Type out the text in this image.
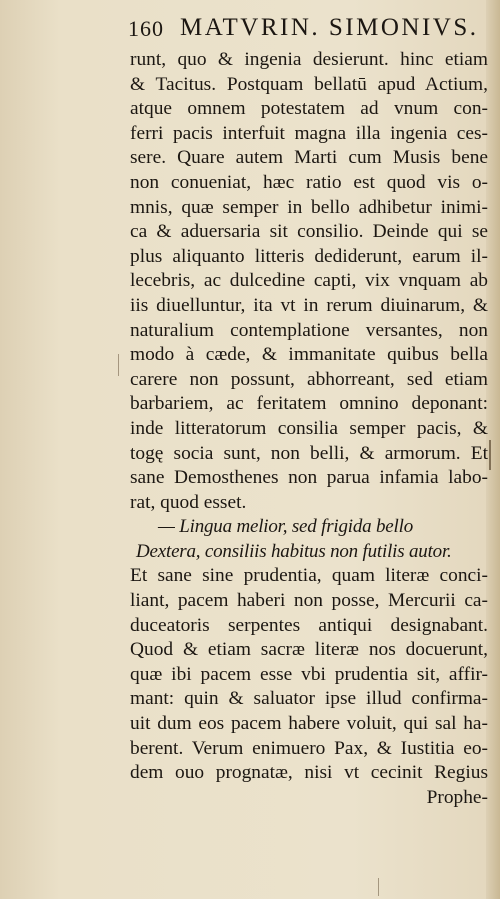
160 MATVRIN. SIMONIVS.
runt, quo & ingenia desierunt. hinc etiam
& Tacitus. Postquam bellatū apud Actium,
atque omnem potestatem ad vnum con-
ferri pacis interfuit magna illa ingenia ces-
sere. Quare autem Marti cum Musis bene
non conueniat, hæc ratio est quod vis o-
mnis, quæ semper in bello adhibetur inimi-
ca & aduersaria sit consilio. Deinde qui se
plus aliquanto litteris dediderunt, earum il-
lecebris, ac dulcedine capti, vix vnquam ab
iis diuelluntur, ita vt in rerum diuinarum, &
naturalium contemplatione versantes, non
modo à cæde, & immanitate quibus bella
carere non possunt, abhorreant, sed etiam
barbariem, ac feritatem omnino deponant:
inde litteratorum consilia semper pacis, &
togę socia sunt, non belli, & armorum. Et
sane Demosthenes non parua infamia labo-
rat, quod esset.
— Lingua melior, sed frigida bello
Dextera, consiliis habitus non futilis autor.
Et sane sine prudentia, quam literæ conci-
liant, pacem haberi non posse, Mercurii ca-
duceatoris serpentes antiqui designabant.
Quod & etiam sacræ literæ nos docuerunt,
quæ ibi pacem esse vbi prudentia sit, affir-
mant: quin & saluator ipse illud confirma-
uit dum eos pacem habere voluit, qui sal ha-
berent. Verum enimuero Pax, & Iustitia eo-
dem ouo prognatæ, nisi vt cecinit Regius
Prophe-
